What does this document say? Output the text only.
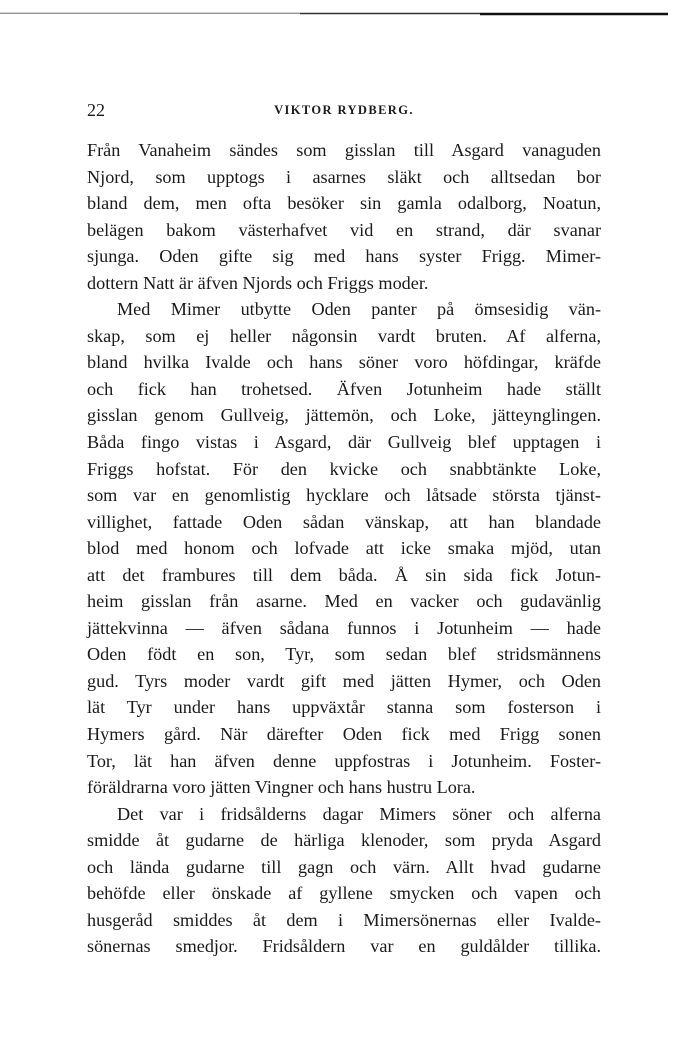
22	VIKTOR RYDBERG.
Från Vanaheim sändes som gisslan till Asgard vanaguden
Njord, som upptogs i asarnes släkt och alltsedan bor
bland dem, men ofta besöker sin gamla odalborg, Noatun,
belägen bakom västerhafvet vid en strand, där svanar
sjunga. Oden gifte sig med hans syster Frigg. Mimer-
dottern Natt är äfven Njords och Friggs moder.
Med Mimer utbytte Oden panter på ömsesidig vän-
skap, som ej heller någonsin vardt bruten. Af alferna,
bland hvilka Ivalde och hans söner voro höfdingar, kräfde
och fick han trohetsed. Äfven Jotunheim hade ställt
gisslan genom Gullveig, jättemön, och Loke, jätteynglingen.
Båda fingo vistas i Asgard, där Gullveig blef upptagen i
Friggs hofstat. För den kvicke och snabbtänkte Loke,
som var en genomlistig hycklare och låtsade största tjänst-
villighet, fattade Oden sådan vänskap, att han blandade
blod med honom och lofvade att icke smaka mjöd, utan
att det frambures till dem båda. Å sin sida fick Jotun-
heim gisslan från asarne. Med en vacker och gudavänlig
jättekvinna — äfven sådana funnos i Jotunheim — hade
Oden födt en son, Tyr, som sedan blef stridsmännens
gud. Tyrs moder vardt gift med jätten Hymer, och Oden
lät Tyr under hans uppväxtår stanna som fosterson i
Hymers gård. När därefter Oden fick med Frigg sonen
Tor, lät han äfven denne uppfostras i Jotunheim. Foster-
föräldrarna voro jätten Vingner och hans hustru Lora.
Det var i fridsålderns dagar Mimers söner och alferna
smidde åt gudarne de härliga klenoder, som pryda Asgard
och lända gudarne till gagn och värn. Allt hvad gudarne
behöfde eller önskade af gyllene smycken och vapen och
husgeråd smiddes åt dem i Mimersönernas eller Ivalde-
sönernas smedjor. Fridsåldern var en guldålder tillika.
